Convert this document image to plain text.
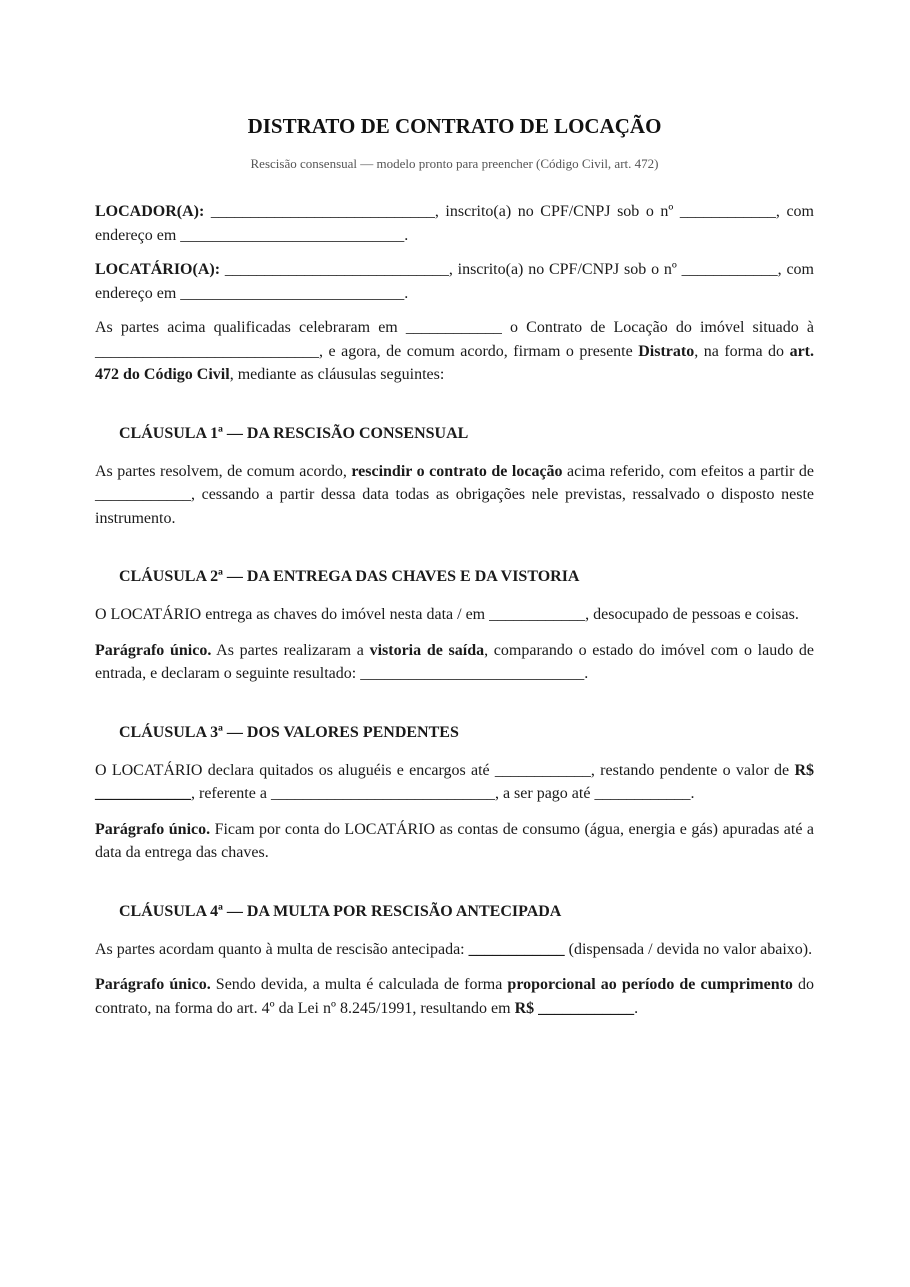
DISTRATO DE CONTRATO DE LOCAÇÃO
Rescisão consensual — modelo pronto para preencher (Código Civil, art. 472)

LOCADOR(A): ____________________________, inscrito(a) no CPF/CNPJ sob o nº ____________, com endereço em ____________________________.

LOCATÁRIO(A): ____________________________, inscrito(a) no CPF/CNPJ sob o nº ____________, com endereço em ____________________________.

As partes acima qualificadas celebraram em ____________ o Contrato de Locação do imóvel situado à ____________________________, e agora, de comum acordo, firmam o presente Distrato, na forma do art. 472 do Código Civil, mediante as cláusulas seguintes:

CLÁUSULA 1ª — DA RESCISÃO CONSENSUAL

As partes resolvem, de comum acordo, rescindir o contrato de locação acima referido, com efeitos a partir de ____________, cessando a partir dessa data todas as obrigações nele previstas, ressalvado o disposto neste instrumento.

CLÁUSULA 2ª — DA ENTREGA DAS CHAVES E DA VISTORIA

O LOCATÁRIO entrega as chaves do imóvel nesta data / em ____________, desocupado de pessoas e coisas.

Parágrafo único. As partes realizaram a vistoria de saída, comparando o estado do imóvel com o laudo de entrada, e declaram o seguinte resultado: ____________________________.

CLÁUSULA 3ª — DOS VALORES PENDENTES

O LOCATÁRIO declara quitados os aluguéis e encargos até ____________, restando pendente o valor de R$ ____________, referente a ____________________________, a ser pago até ____________.

Parágrafo único. Ficam por conta do LOCATÁRIO as contas de consumo (água, energia e gás) apuradas até a data da entrega das chaves.

CLÁUSULA 4ª — DA MULTA POR RESCISÃO ANTECIPADA

As partes acordam quanto à multa de rescisão antecipada: ____________ (dispensada / devida no valor abaixo).

Parágrafo único. Sendo devida, a multa é calculada de forma proporcional ao período de cumprimento do contrato, na forma do art. 4º da Lei nº 8.245/1991, resultando em R$ ____________.
